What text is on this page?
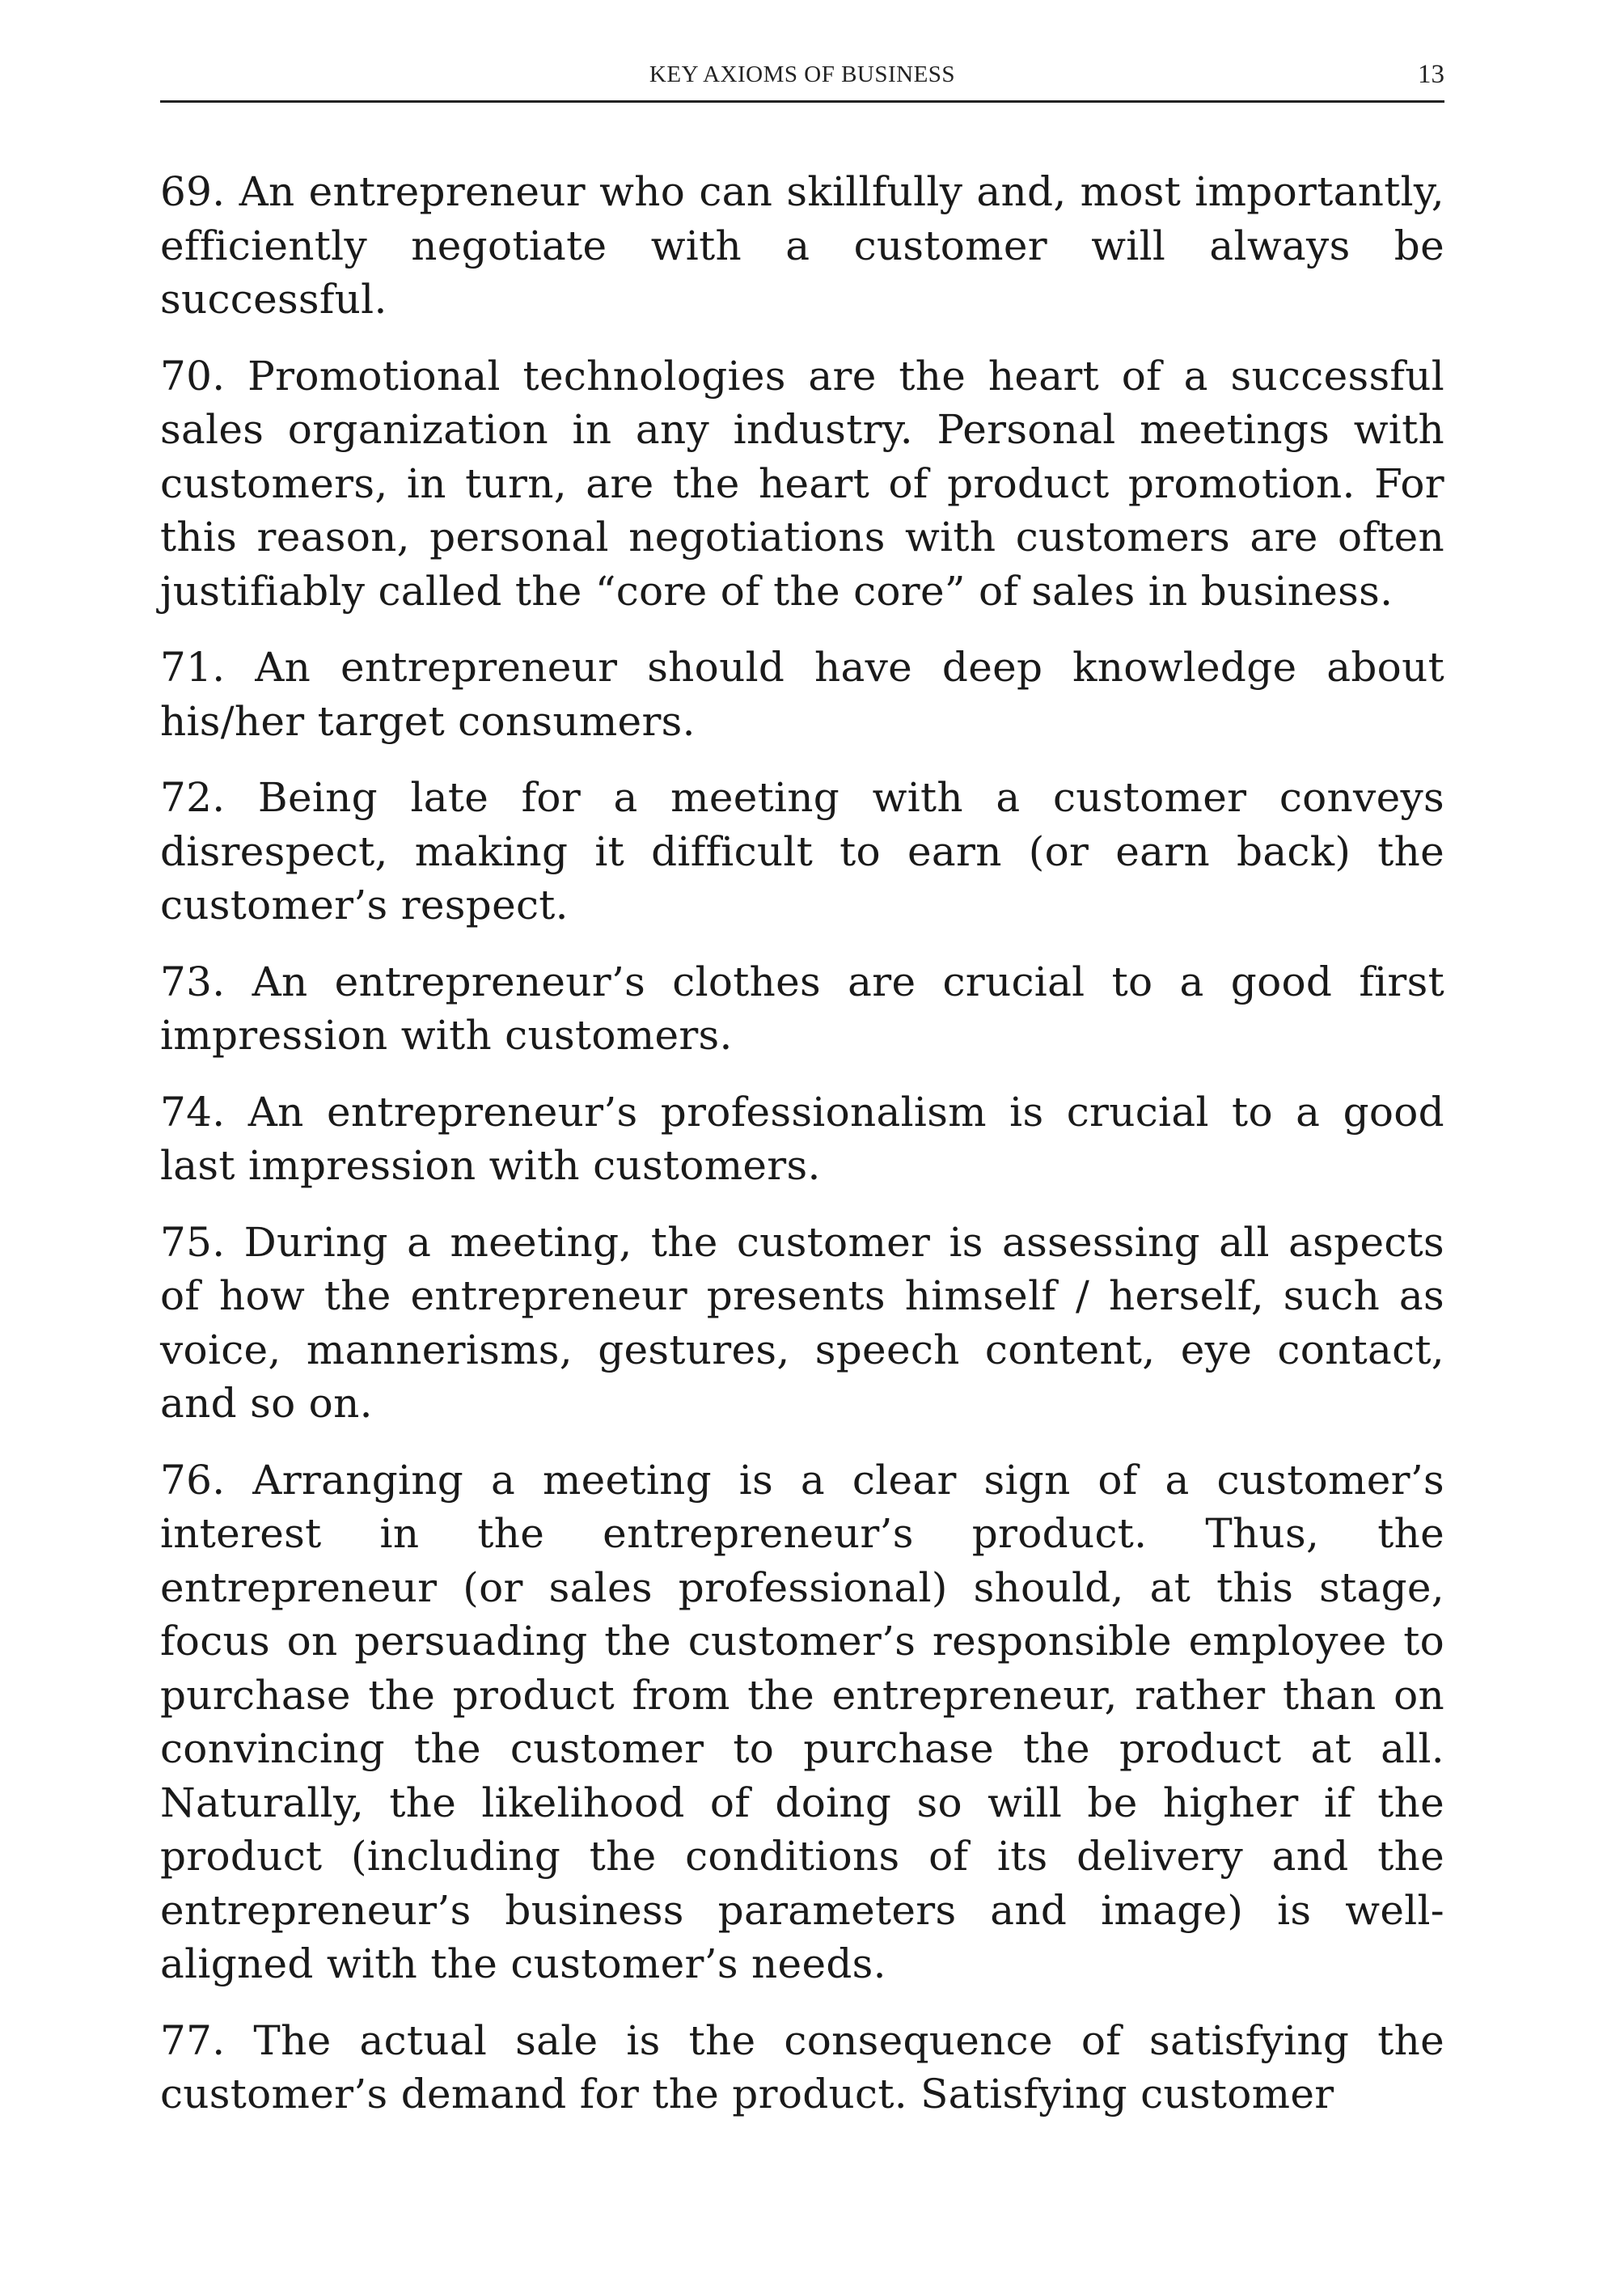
KEY AXIOMS OF BUSINESS	13

69. An entrepreneur who can skillfully and, most importantly, efficiently negotiate with a customer will always be successful.

70. Promotional technologies are the heart of a successful sales organization in any industry. Personal meetings with customers, in turn, are the heart of product promotion. For this reason, personal negotiations with customers are often justifiably called the “core of the core” of sales in business.

71. An entrepreneur should have deep knowledge about his/her target consumers.

72. Being late for a meeting with a customer conveys disrespect, making it difficult to earn (or earn back) the customer’s respect.

73. An entrepreneur’s clothes are crucial to a good first impression with customers.

74. An entrepreneur’s professionalism is crucial to a good last impression with customers.

75. During a meeting, the customer is assessing all aspects of how the entrepreneur presents himself / herself, such as voice, mannerisms, gestures, speech content, eye contact, and so on.

76. Arranging a meeting is a clear sign of a customer’s interest in the entrepreneur’s product. Thus, the entrepreneur (or sales professional) should, at this stage, focus on persuading the customer’s responsible employee to purchase the product from the entrepreneur, rather than on convincing the customer to purchase the product at all. Naturally, the likelihood of doing so will be higher if the product (including the conditions of its delivery and the entrepreneur’s business parameters and image) is well-aligned with the customer’s needs.

77. The actual sale is the consequence of satisfying the customer’s demand for the product. Satisfying customer
